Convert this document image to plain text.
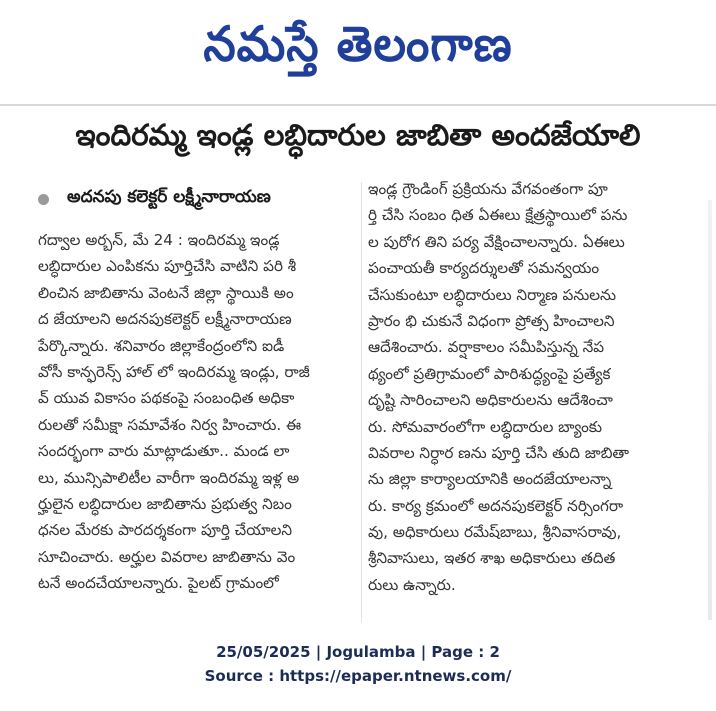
నమస్తే తెలంగాణ
ఇందిరమ్మ ఇండ్ల లబ్ధిదారుల జాబితా అందజేయాలి
అదనపు కలెక్టర్ లక్ష్మీనారాయణ
గద్వాల అర్బన్, మే 24 : ఇందిరమ్మ ఇండ్ల
లబ్ధిదారుల ఎంపికను పూర్తిచేసి వాటిని పరి శీ
లించిన జాబితాను వెంటనే జిల్లా స్థాయికి అం
ద జేయాలని అదనపుకలెక్టర్ లక్ష్మీనారాయణ
పేర్కొన్నారు. శనివారం జిల్లాకేంద్రంలోని ఐడీ
వోసీ కాన్ఫరెన్స్ హాల్ లో ఇందిరమ్మ ఇండ్లు, రాజీ
వ్ యువ వికాసం పథకంపై సంబంధిత అధికా
రులతో సమీక్షా సమావేశం నిర్వ హించారు. ఈ
సందర్భంగా వారు మాట్లాడుతూ.. మండ లా
లు, మున్సిపాలిటీల వారీగా ఇందిరమ్మ ఇళ్ల అ
ర్హులైన లబ్ధిదారుల జాబితాను ప్రభుత్వ నిబం
ధనల మేరకు పారదర్శకంగా పూర్తి చేయాలని
సూచించారు. అర్హుల వివరాల జాబితాను వెం
టనే అందచేయాలన్నారు. పైలట్ గ్రామంలో
ఇండ్ల గ్రౌండింగ్ ప్రక్రియను వేగవంతంగా పూ
ర్తి చేసి సంబం ధిత ఏఈలు క్షేత్రస్థాయిలో పను
ల పురోగ తిని పర్య వేక్షించాలన్నారు. ఏఈలు
పంచాయతీ కార్యదర్శులతో సమన్వయం
చేసుకుంటూ లబ్ధిదారులు నిర్మాణ పనులను
ప్రారం భి చుకునే విధంగా ప్రోత్స హించాలని
ఆదేశించారు. వర్షాకాలం సమీపిస్తున్న నేప
థ్యంలో ప్రతిగ్రామంలో పారిశుద్ధ్యంపై ప్రత్యేక
దృష్టి సారించాలని అధికారులను ఆదేశించా
రు. సోమవారంలోగా లబ్ధిదారుల బ్యాంకు
వివరాల నిర్ధార ణను పూర్తి చేసి తుది జాబితా
ను జిల్లా కార్యాలయానికి అందజేయాలన్నా
రు. కార్య క్రమంలో అదనపుకలెక్టర్ నర్సింగరా
వు, అధికారులు రమేష్‌బాబు, శ్రీనివాసరావు,
శ్రీనివాసులు, ఇతర శాఖ అధికారులు తదిత
రులు ఉన్నారు.
25/05/2025 | Jogulamba | Page : 2
Source : https://epaper.ntnews.com/
